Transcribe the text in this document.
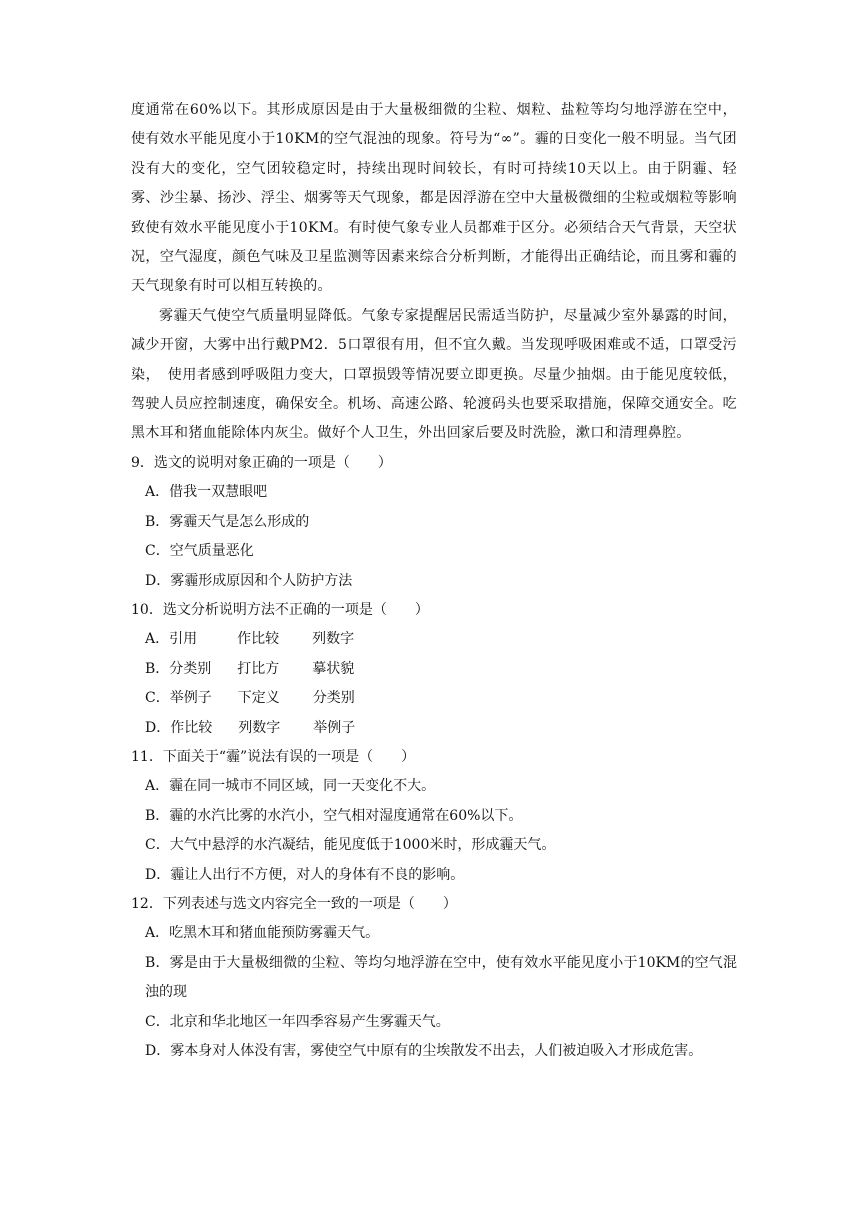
度通常在60%以下。其形成原因是由于大量极细微的尘粒、烟粒、盐粒等均匀地浮游在空中，使有效水平能见度小于10KM的空气混浊的现象。符号为“∞”。霾的日变化一般不明显。当气团没有大的变化，空气团较稳定时，持续出现时间较长，有时可持续10天以上。由于阴霾、轻雾、沙尘暴、扬沙、浮尘、烟雾等天气现象，都是因浮游在空中大量极微细的尘粒或烟粒等影响致使有效水平能见度小于10KM。有时使气象专业人员都难于区分。必须结合天气背景，天空状况，空气湿度，颜色气味及卫星监测等因素来综合分析判断，才能得出正确结论，而且雾和霾的天气现象有时可以相互转换的。

雾霾天气使空气质量明显降低。气象专家提醒居民需适当防护，尽量减少室外暴露的时间，减少开窗，大雾中出行戴PM2．5口罩很有用，但不宜久戴。当发现呼吸困难或不适，口罩受污染，　使用者感到呼吸阻力变大，口罩损毁等情况要立即更换。尽量少抽烟。由于能见度较低，驾驶人员应控制速度，确保安全。机场、高速公路、轮渡码头也要采取措施，保障交通安全。吃黑木耳和猪血能除体内灰尘。做好个人卫生，外出回家后要及时洗脸，漱口和清理鼻腔。

9．选文的说明对象正确的一项是（　　）

A．借我一双慧眼吧

B．雾霾天气是怎么形成的

C．空气质量恶化

D．雾霾形成原因和个人防护方法

10．选文分析说明方法不正确的一项是（　　）

A．引用	作比较 列数字

B．分类别 打比方 摹状貌

C．举例子 下定义 分类别

D．作比较 列数字 举例子

11．下面关于“霾”说法有误的一项是（　　）

A．霾在同一城市不同区域，同一天变化不大。

B．霾的水汽比雾的水汽小，空气相对湿度通常在60%以下。

C．大气中悬浮的水汽凝结，能见度低于1000米时，形成霾天气。

D．霾让人出行不方便，对人的身体有不良的影响。

12．下列表述与选文内容完全一致的一项是（　　）

A．吃黑木耳和猪血能预防雾霾天气。

B．雾是由于大量极细微的尘粒、等均匀地浮游在空中，使有效水平能见度小于10KM的空气混浊的现

C．北京和华北地区一年四季容易产生雾霾天气。

D．雾本身对人体没有害，雾使空气中原有的尘埃散发不出去，人们被迫吸入才形成危害。
